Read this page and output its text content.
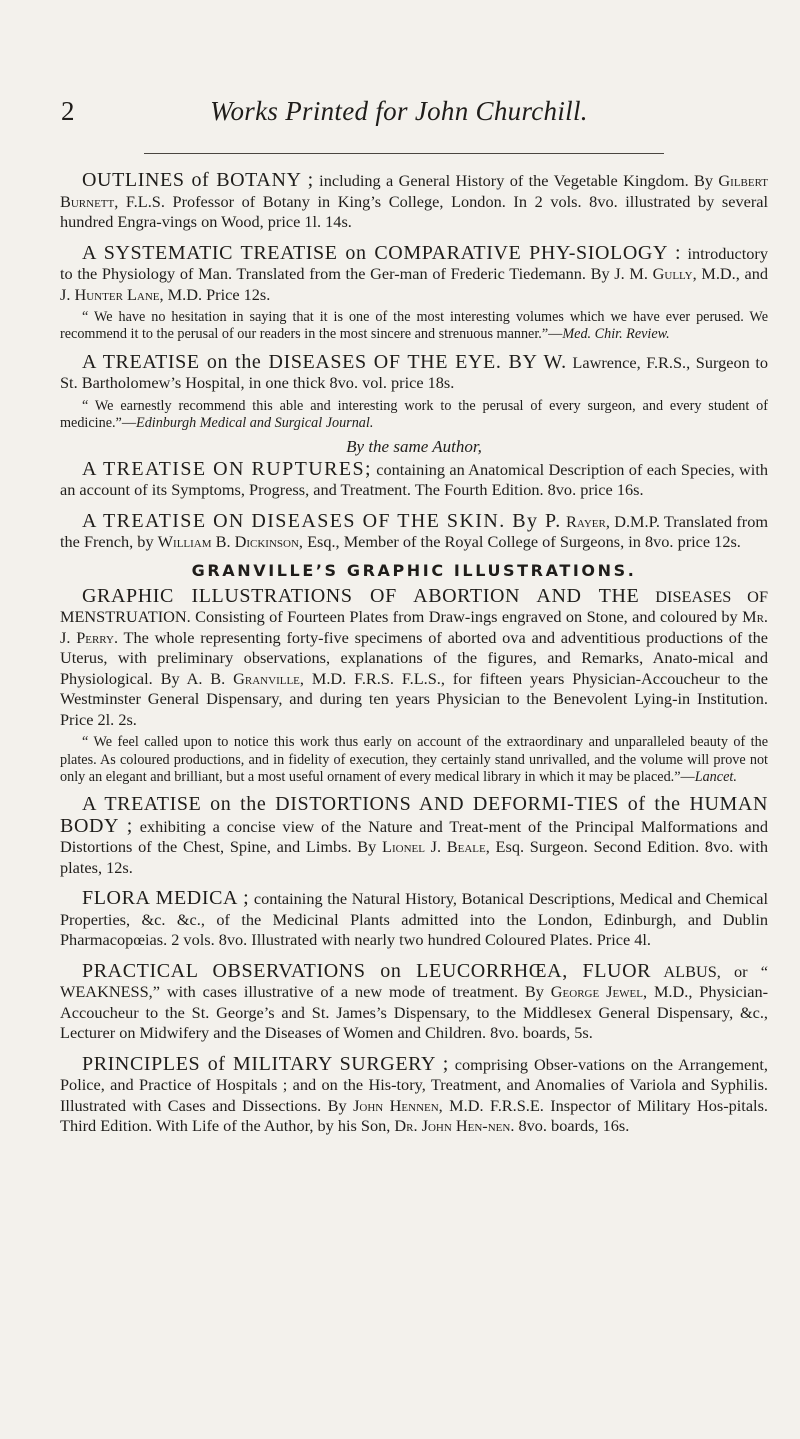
2	Works Printed for John Churchill.

OUTLINES of BOTANY ; including a General History of the Vegetable Kingdom. By Gilbert Burnett, F.L.S. Professor of Botany in King’s College, London. In 2 vols. 8vo. illustrated by several hundred Engra-vings on Wood, price 1l. 14s.

A SYSTEMATIC TREATISE on COMPARATIVE PHY-SIOLOGY : introductory to the Physiology of Man. Translated from the Ger-man of Frederic Tiedemann. By J. M. Gully, M.D., and J. Hunter Lane, M.D. Price 12s.

“ We have no hesitation in saying that it is one of the most interesting volumes which we have ever perused. We recommend it to the perusal of our readers in the most sincere and strenuous manner.”—Med. Chir. Review.

A TREATISE on the DISEASES OF THE EYE. BY W. Lawrence, F.R.S., Surgeon to St. Bartholomew’s Hospital, in one thick 8vo. vol. price 18s.

“ We earnestly recommend this able and interesting work to the perusal of every surgeon, and every student of medicine.”—Edinburgh Medical and Surgical Journal.

By the same Author,

A TREATISE ON RUPTURES; containing an Anatomical Description of each Species, with an account of its Symptoms, Progress, and Treatment. The Fourth Edition. 8vo. price 16s.

A TREATISE ON DISEASES OF THE SKIN. By P. Rayer, D.M.P. Translated from the French, by William B. Dickinson, Esq., Member of the Royal College of Surgeons, in 8vo. price 12s.

GRANVILLE’S GRAPHIC ILLUSTRATIONS.

GRAPHIC ILLUSTRATIONS OF ABORTION AND THE DISEASES OF MENSTRUATION. Consisting of Fourteen Plates from Draw-ings engraved on Stone, and coloured by Mr. J. Perry. The whole representing forty-five specimens of aborted ova and adventitious productions of the Uterus, with preliminary observations, explanations of the figures, and Remarks, Anato-mical and Physiological. By A. B. Granville, M.D. F.R.S. F.L.S., for fifteen years Physician-Accoucheur to the Westminster General Dispensary, and during ten years Physician to the Benevolent Lying-in Institution. Price 2l. 2s.

“ We feel called upon to notice this work thus early on account of the extraordinary and unparalleled beauty of the plates. As coloured productions, and in fidelity of execution, they certainly stand unrivalled, and the volume will prove not only an elegant and brilliant, but a most useful ornament of every medical library in which it may be placed.”—Lancet.

A TREATISE on the DISTORTIONS AND DEFORMI-TIES of the HUMAN BODY ; exhibiting a concise view of the Nature and Treat-ment of the Principal Malformations and Distortions of the Chest, Spine, and Limbs. By Lionel J. Beale, Esq. Surgeon. Second Edition. 8vo. with plates, 12s.

FLORA MEDICA ; containing the Natural History, Botanical Descriptions, Medical and Chemical Properties, &c. &c., of the Medicinal Plants admitted into the London, Edinburgh, and Dublin Pharmacopœias. 2 vols. 8vo. Illustrated with nearly two hundred Coloured Plates. Price 4l.

PRACTICAL OBSERVATIONS on LEUCORRHŒA, FLUOR ALBUS, or “ WEAKNESS,” with cases illustrative of a new mode of treatment. By George Jewel, M.D., Physician-Accoucheur to the St. George’s and St. James’s Dispensary, to the Middlesex General Dispensary, &c., Lecturer on Midwifery and the Diseases of Women and Children. 8vo. boards, 5s.

PRINCIPLES of MILITARY SURGERY ; comprising Obser-vations on the Arrangement, Police, and Practice of Hospitals ; and on the His-tory, Treatment, and Anomalies of Variola and Syphilis. Illustrated with Cases and Dissections. By John Hennen, M.D. F.R.S.E. Inspector of Military Hos-pitals. Third Edition. With Life of the Author, by his Son, Dr. John Hen-nen. 8vo. boards, 16s.
